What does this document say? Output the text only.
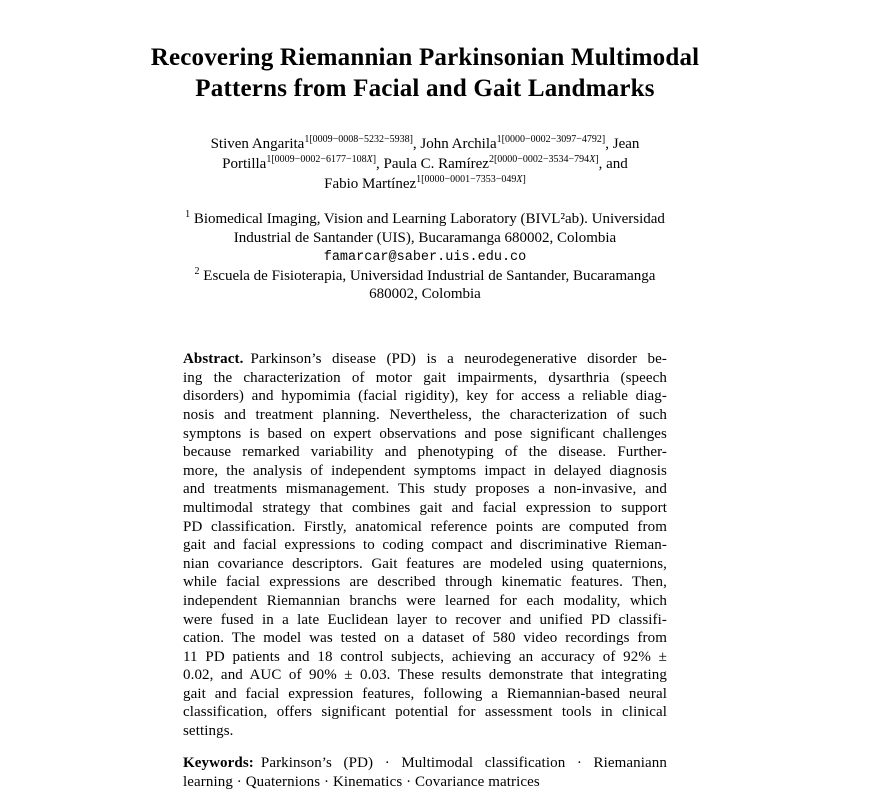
Recovering Riemannian Parkinsonian Multimodal
Patterns from Facial and Gait Landmarks
Stiven Angarita$^{1[0009-0008-5232-5938]}$, John Archila$^{1[0000-0002-3097-4792]}$, Jean
Portilla$^{1[0009-0002-6177-108X]}$, Paula C. Ramírez$^{2[0000-0002-3534-794X]}$, and
Fabio Martínez$^{1[0000-0001-7353-049X]}$
$^1$ Biomedical Imaging, Vision and Learning Laboratory (BIVL²ab). Universidad
Industrial de Santander (UIS), Bucaramanga 680002, Colombia
famarcar@saber.uis.edu.co
$^2$ Escuela de Fisioterapia, Universidad Industrial de Santander, Bucaramanga
680002, Colombia
Abstract. Parkinson’s disease (PD) is a neurodegenerative disorder be-
ing the characterization of motor gait impairments, dysarthria (speech
disorders) and hypomimia (facial rigidity), key for access a reliable diag-
nosis and treatment planning. Nevertheless, the characterization of such
symptons is based on expert observations and pose significant challenges
because remarked variability and phenotyping of the disease. Further-
more, the analysis of independent symptoms impact in delayed diagnosis
and treatments mismanagement. This study proposes a non-invasive, and
multimodal strategy that combines gait and facial expression to support
PD classification. Firstly, anatomical reference points are computed from
gait and facial expressions to coding compact and discriminative Rieman-
nian covariance descriptors. Gait features are modeled using quaternions,
while facial expressions are described through kinematic features. Then,
independent Riemannian branchs were learned for each modality, which
were fused in a late Euclidean layer to recover and unified PD classifi-
cation. The model was tested on a dataset of 580 video recordings from
11 PD patients and 18 control subjects, achieving an accuracy of 92% ±
0.02, and AUC of 90% ± 0.03. These results demonstrate that integrating
gait and facial expression features, following a Riemannian-based neural
classification, offers significant potential for assessment tools in clinical
settings.
Keywords: Parkinson’s (PD) · Multimodal classification · Riemaniann
learning · Quaternions · Kinematics · Covariance matrices
